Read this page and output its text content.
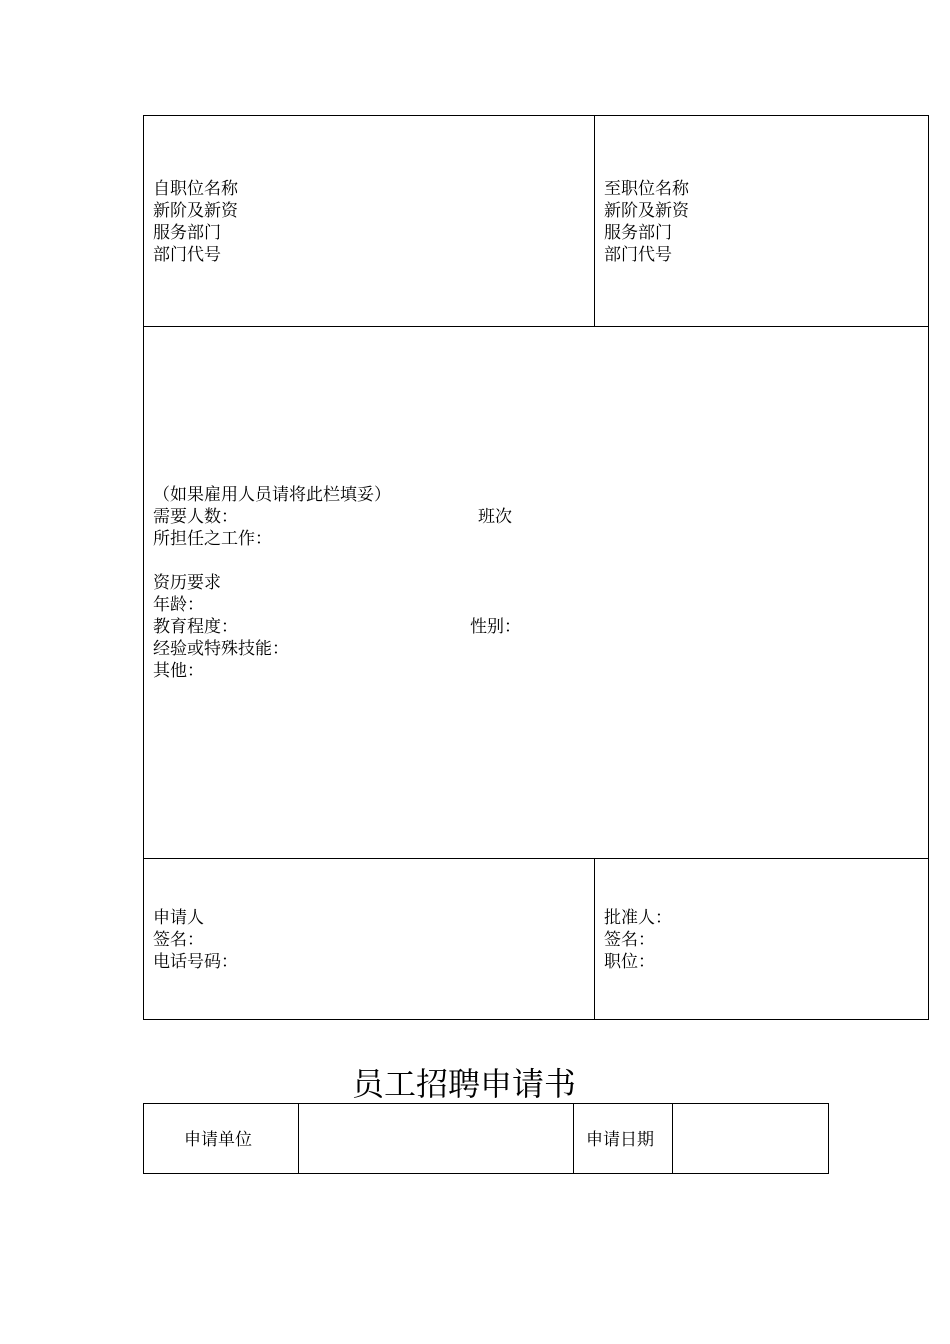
自职位名称
新阶及新资
服务部门
部门代号
至职位名称
新阶及新资
服务部门
部门代号
（如果雇用人员请将此栏填妥）
需要人数：	班次
所担任之工作：
资历要求
年龄：
教育程度：	性别：
经验或特殊技能：
其他：
申请人
签名：
电话号码：
批准人：
签名：
职位：
员工招聘申请书
申请单位	申请日期
